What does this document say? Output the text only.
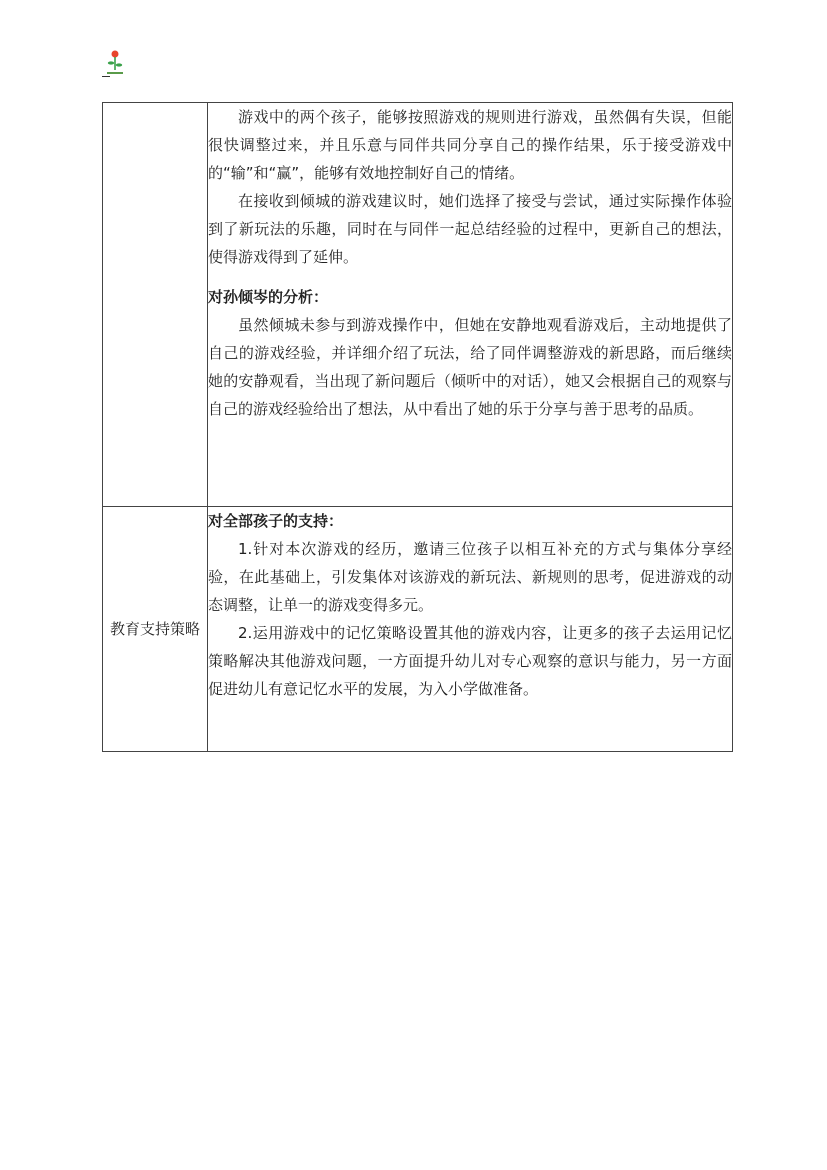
	游戏中的两个孩子，能够按照游戏的规则进行游戏，虽然偶有失误，但能很快调整过来，并且乐意与同伴共同分享自己的操作结果，乐于接受游戏中的“输”和“赢”，能够有效地控制好自己的情绪。

在接收到倾城的游戏建议时，她们选择了接受与尝试，通过实际操作体验到了新玩法的乐趣，同时在与同伴一起总结经验的过程中，更新自己的想法，使得游戏得到了延伸。

对孙倾岑的分析：

虽然倾城未参与到游戏操作中，但她在安静地观看游戏后，主动地提供了自己的游戏经验，并详细介绍了玩法，给了同伴调整游戏的新思路，而后继续她的安静观看，当出现了新问题后（倾听中的对话），她又会根据自己的观察与自己的游戏经验给出了想法，从中看出了她的乐于分享与善于思考的品质。

教育支持策略	对全部孩子的支持：

1.针对本次游戏的经历，邀请三位孩子以相互补充的方式与集体分享经验，在此基础上，引发集体对该游戏的新玩法、新规则的思考，促进游戏的动态调整，让单一的游戏变得多元。

2.运用游戏中的记忆策略设置其他的游戏内容，让更多的孩子去运用记忆策略解决其他游戏问题，一方面提升幼儿对专心观察的意识与能力，另一方面促进幼儿有意记忆水平的发展，为入小学做准备。
